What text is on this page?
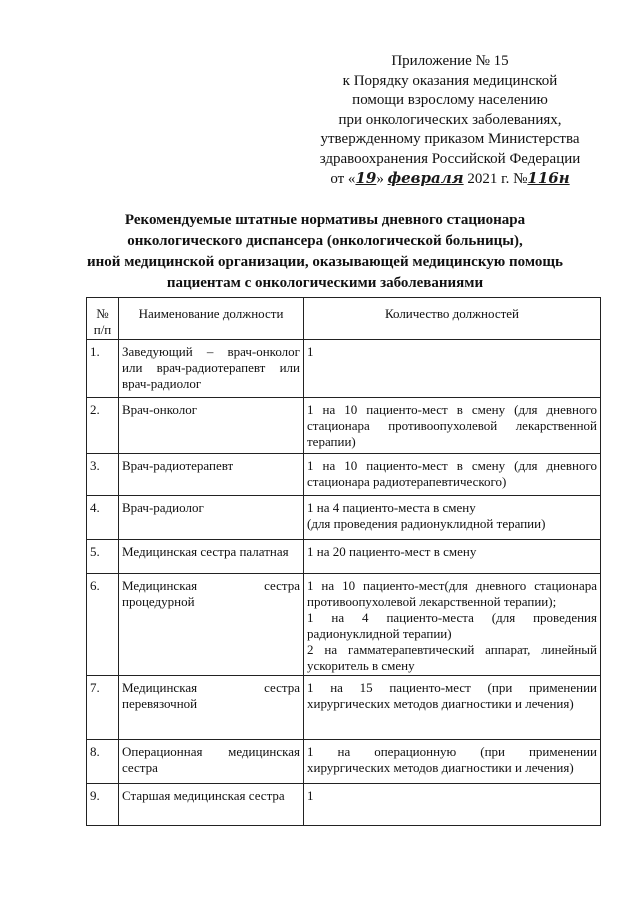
Приложение № 15
к Порядку оказания медицинской
помощи взрослому населению
при онкологических заболеваниях,
утвержденному приказом Министерства
здравоохранения Российской Федерации
от «19» февраля 2021 г. №116н
Рекомендуемые штатные нормативы дневного стационара
онкологического диспансера (онкологической больницы),
иной медицинской организации, оказывающей медицинскую помощь
пациентам с онкологическими заболеваниями
№ п/п	Наименование должности	Количество должностей
1.	Заведующий – врач-онколог или врач-радиотерапевт или врач-радиолог	1

2.	Врач-онколог	1 на 10 пациенто-мест в смену (для дневного стационара противоопухолевой лекарственной терапии)

3.	Врач-радиотерапевт	1 на 10 пациенто-мест в смену (для дневного стационара радиотерапевтического)

4.	Врач-радиолог	1 на 4 пациенто-места в смену
(для проведения радионуклидной терапии)

5.	Медицинская сестра палатная	1 на 20 пациенто-мест в смену

6.	Медицинская сестра процедурной	1 на 10 пациенто-мест(для дневного стационара противоопухолевой лекарственной терапии);
1 на 4 пациенто-места (для проведения радионуклидной терапии)
2 на гамматерапевтический аппарат, линейный ускоритель в смену

7.	Медицинская сестра перевязочной	1 на 15 пациенто-мест (при применении хирургических методов диагностики и лечения)

8.	Операционная медицинская сестра	1 на операционную (при применении хирургических методов диагностики и лечения)

9.	Старшая медицинская сестра	1
